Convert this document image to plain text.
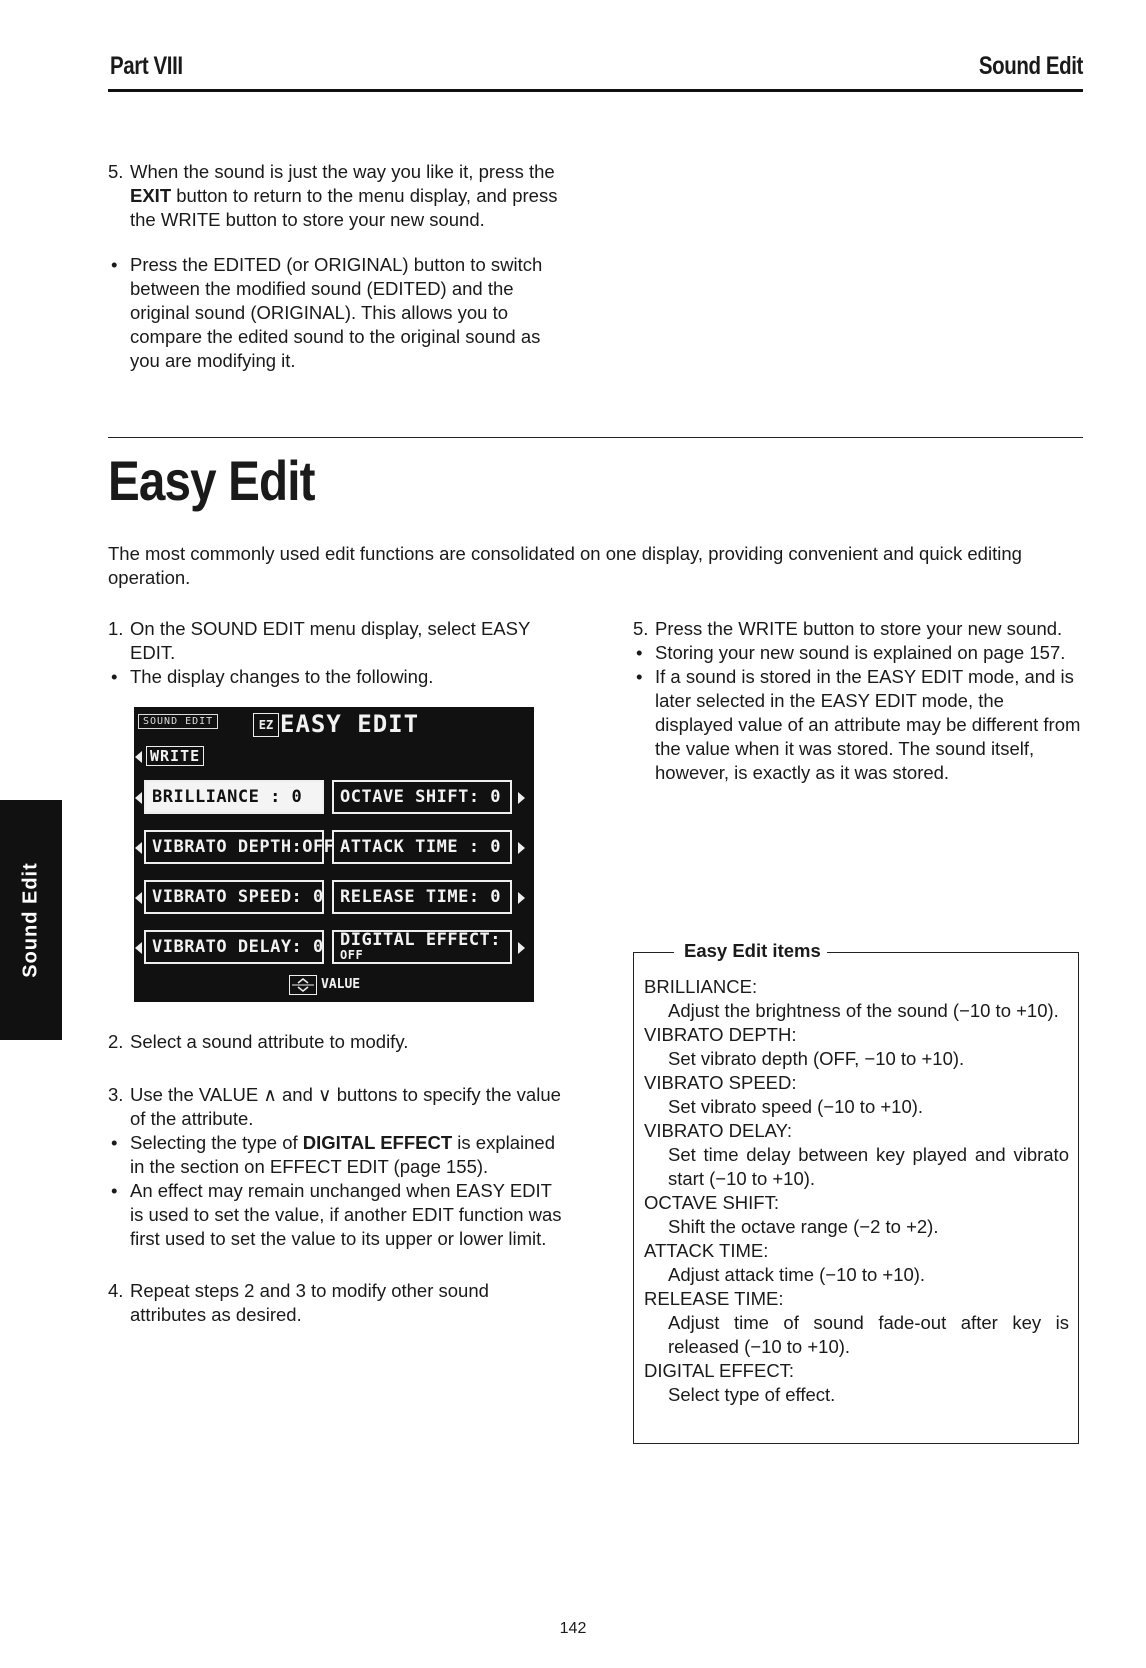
Part VIII	Sound Edit
5. When the sound is just the way you like it, press the EXIT button to return to the menu display, and press the WRITE button to store your new sound.
• Press the EDITED (or ORIGINAL) button to switch between the modified sound (EDITED) and the original sound (ORIGINAL). This allows you to compare the edited sound to the original sound as you are modifying it.
Easy Edit
The most commonly used edit functions are consolidated on one display, providing convenient and quick editing operation.
1. On the SOUND EDIT menu display, select EASY EDIT.
• The display changes to the following.
SOUND EDIT	EZ EASY EDIT
WRITE
BRILLIANCE : 0	OCTAVE SHIFT: 0
VIBRATO DEPTH:OFF ATTACK TIME : 0
VIBRATO SPEED: 0 RELEASE TIME: 0
VIBRATO DELAY: 0 DIGITAL EFFECT:
OFF
VALUE
2. Select a sound attribute to modify.
3. Use the VALUE ∧ and ∨ buttons to specify the value of the attribute.
• Selecting the type of DIGITAL EFFECT is explained in the section on EFFECT EDIT (page 155).
• An effect may remain unchanged when EASY EDIT is used to set the value, if another EDIT function was first used to set the value to its upper or lower limit.
4. Repeat steps 2 and 3 to modify other sound attributes as desired.
5. Press the WRITE button to store your new sound.
• Storing your new sound is explained on page 157.
• If a sound is stored in the EASY EDIT mode, and is later selected in the EASY EDIT mode, the displayed value of an attribute may be different from the value when it was stored. The sound itself, however, is exactly as it was stored.
Easy Edit items
BRILLIANCE:
Adjust the brightness of the sound (−10 to +10).
VIBRATO DEPTH:
Set vibrato depth (OFF, −10 to +10).
VIBRATO SPEED:
Set vibrato speed (−10 to +10).
VIBRATO DELAY:
Set time delay between key played and vibrato start (−10 to +10).
OCTAVE SHIFT:
Shift the octave range (−2 to +2).
ATTACK TIME:
Adjust attack time (−10 to +10).
RELEASE TIME:
Adjust time of sound fade-out after key is released (−10 to +10).
DIGITAL EFFECT:
Select type of effect.
Sound Edit
142
